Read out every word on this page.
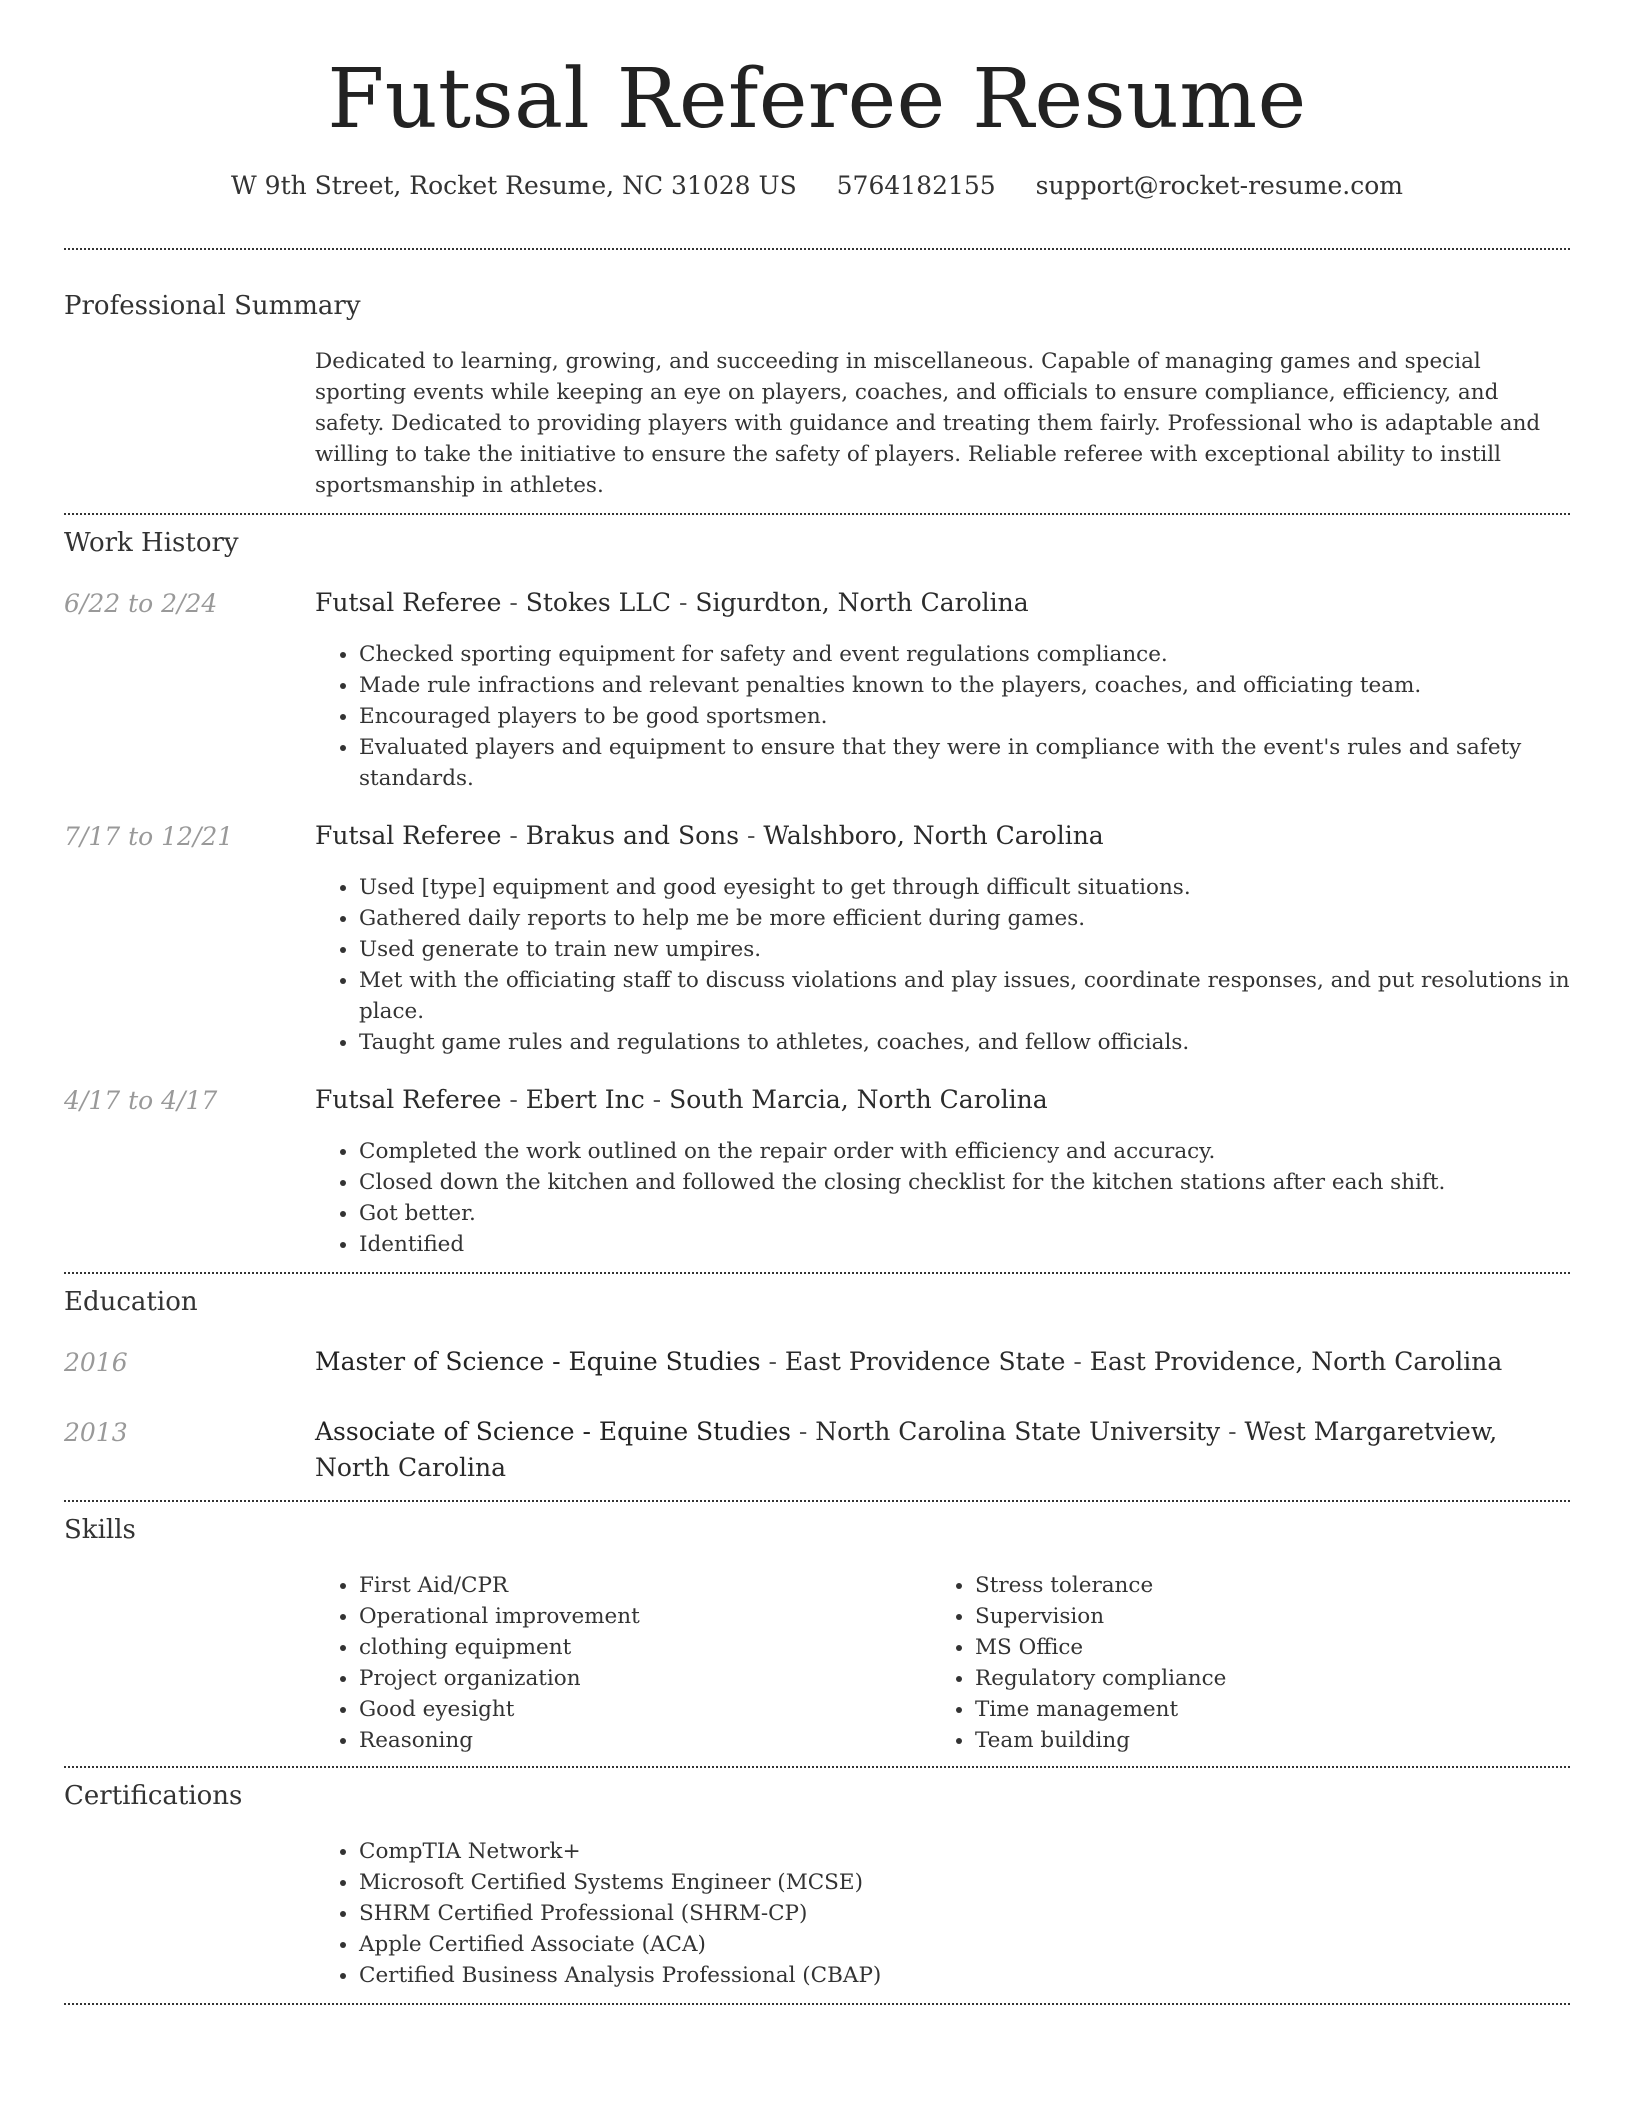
Futsal Referee Resume
W 9th Street, Rocket Resume, NC 31028 US 5764182155 support@rocket-resume.com
Professional Summary
Dedicated to learning, growing, and succeeding in miscellaneous. Capable of managing games and special sporting events while keeping an eye on players, coaches, and officials to ensure compliance, efficiency, and safety. Dedicated to providing players with guidance and treating them fairly. Professional who is adaptable and willing to take the initiative to ensure the safety of players. Reliable referee with exceptional ability to instill sportsmanship in athletes.
Work History
6/22 to 2/24	Futsal Referee - Stokes LLC - Sigurdton, North Carolina
• Checked sporting equipment for safety and event regulations compliance.
• Made rule infractions and relevant penalties known to the players, coaches, and officiating team.
• Encouraged players to be good sportsmen.
• Evaluated players and equipment to ensure that they were in compliance with the event's rules and safety standards.
7/17 to 12/21	Futsal Referee - Brakus and Sons - Walshboro, North Carolina
• Used [type] equipment and good eyesight to get through difficult situations.
• Gathered daily reports to help me be more efficient during games.
• Used generate to train new umpires.
• Met with the officiating staff to discuss violations and play issues, coordinate responses, and put resolutions in place.
• Taught game rules and regulations to athletes, coaches, and fellow officials.
4/17 to 4/17	Futsal Referee - Ebert Inc - South Marcia, North Carolina
• Completed the work outlined on the repair order with efficiency and accuracy.
• Closed down the kitchen and followed the closing checklist for the kitchen stations after each shift.
• Got better.
• Identified
Education
2016	Master of Science - Equine Studies - East Providence State - East Providence, North Carolina
2013	Associate of Science - Equine Studies - North Carolina State University - West Margaretview, North Carolina
Skills
• First Aid/CPR
• Operational improvement
• clothing equipment
• Project organization
• Good eyesight
• Reasoning
• Stress tolerance
• Supervision
• MS Office
• Regulatory compliance
• Time management
• Team building
Certifications
• CompTIA Network+
• Microsoft Certified Systems Engineer (MCSE)
• SHRM Certified Professional (SHRM-CP)
• Apple Certified Associate (ACA)
• Certified Business Analysis Professional (CBAP)
